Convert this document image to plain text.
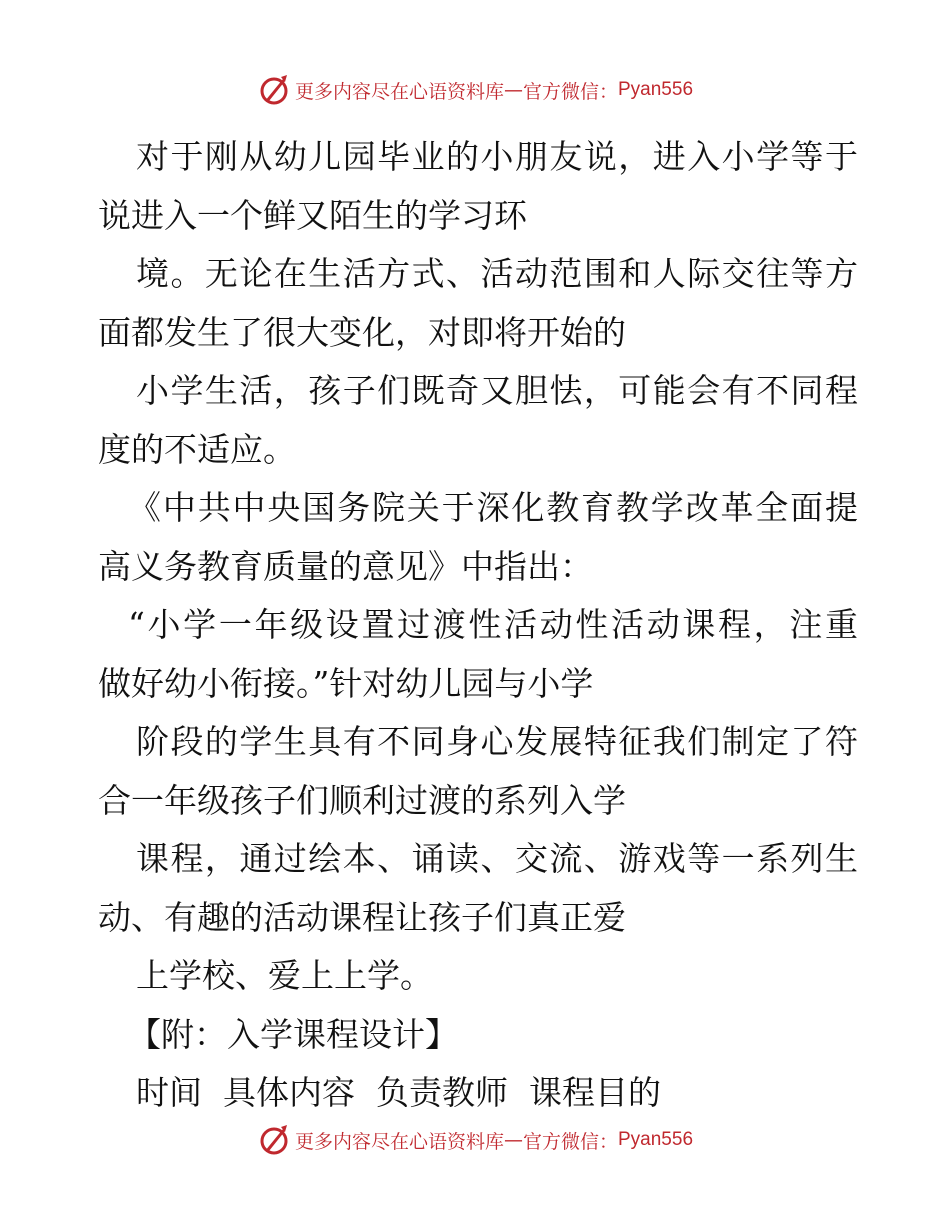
更多内容尽在心语资料库 — 官方微信： Pyan556
对于刚从幼儿园毕业的小朋友说，进入小学等于
说进入一个鲜又陌生的学习环
境。无论在生活方式、活动范围和人际交往等方
面都发生了很大变化，对即将开始的
小学生活，孩子们既奇又胆怯，可能会有不同程
度的不适应。
《中共中央国务院关于深化教育教学改革全面提
高义务教育质量的意见》中指出：
“小学一年级设置过渡性活动性活动课程，注重
做好幼小衔接。”针对幼儿园与小学
阶段的学生具有不同身心发展特征我们制定了符
合一年级孩子们顺利过渡的系列入学
课程，通过绘本、诵读、交流、游戏等一系列生
动、有趣的活动课程让孩子们真正爱
上学校、爱上上学。
【附：入学课程设计】
时间  具体内容  负责教师  课程目的
更多内容尽在心语资料库 — 官方微信： Pyan556
